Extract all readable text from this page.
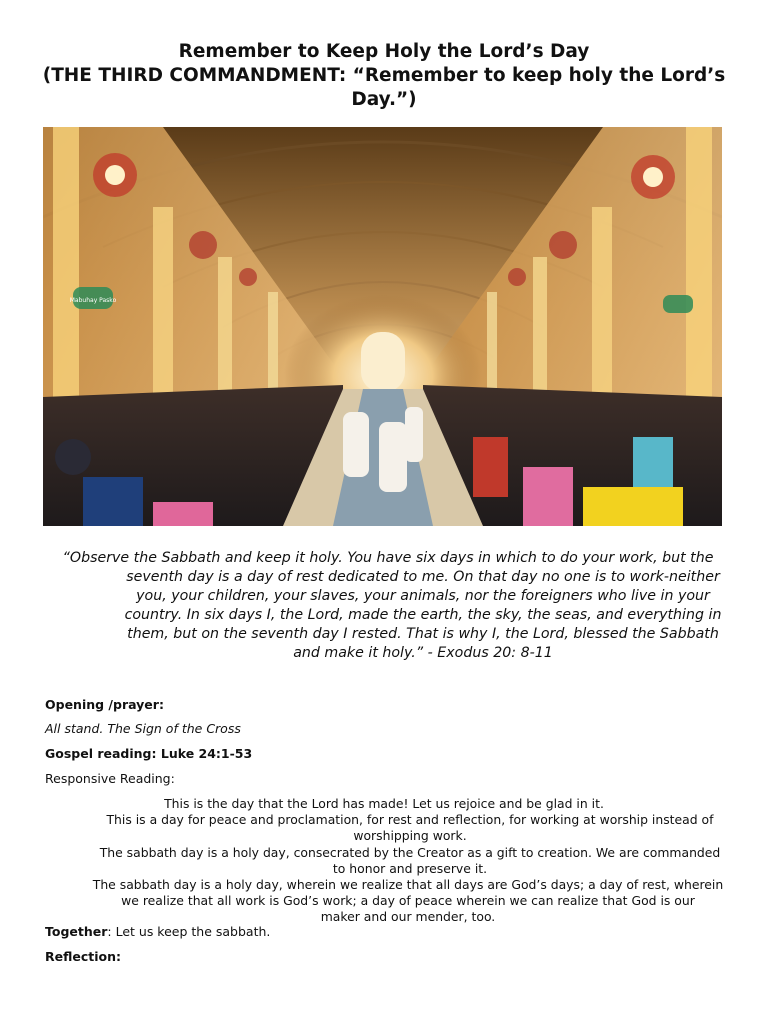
Remember to Keep Holy the Lord’s Day
(THE THIRD COMMANDMENT: “Remember to keep holy the Lord’s
Day.”)
Mabuhay Pasko
“Observe the Sabbath and keep it holy. You have six days in which to do your work, but the
seventh day is a day of rest dedicated to me. On that day no one is to work-neither
you, your children, your slaves, your animals, nor the foreigners who live in your
country. In six days I, the Lord, made the earth, the sky, the seas, and everything in
them, but on the seventh day I rested. That is why I, the Lord, blessed the Sabbath
and make it holy.” - Exodus 20: 8-11
Opening /prayer:
All stand. The Sign of the Cross
Gospel reading: Luke 24:1-53
Responsive Reading:
This is the day that the Lord has made! Let us rejoice and be glad in it.
This is a day for peace and proclamation, for rest and reflection, for working at worship instead of
worshipping work.
The sabbath day is a holy day, consecrated by the Creator as a gift to creation. We are commanded
to honor and preserve it.
The sabbath day is a holy day, wherein we realize that all days are God’s days; a day of rest, wherein
we realize that all work is God’s work; a day of peace wherein we can realize that God is our
maker and our mender, too.
Together: Let us keep the sabbath.
Reflection:
